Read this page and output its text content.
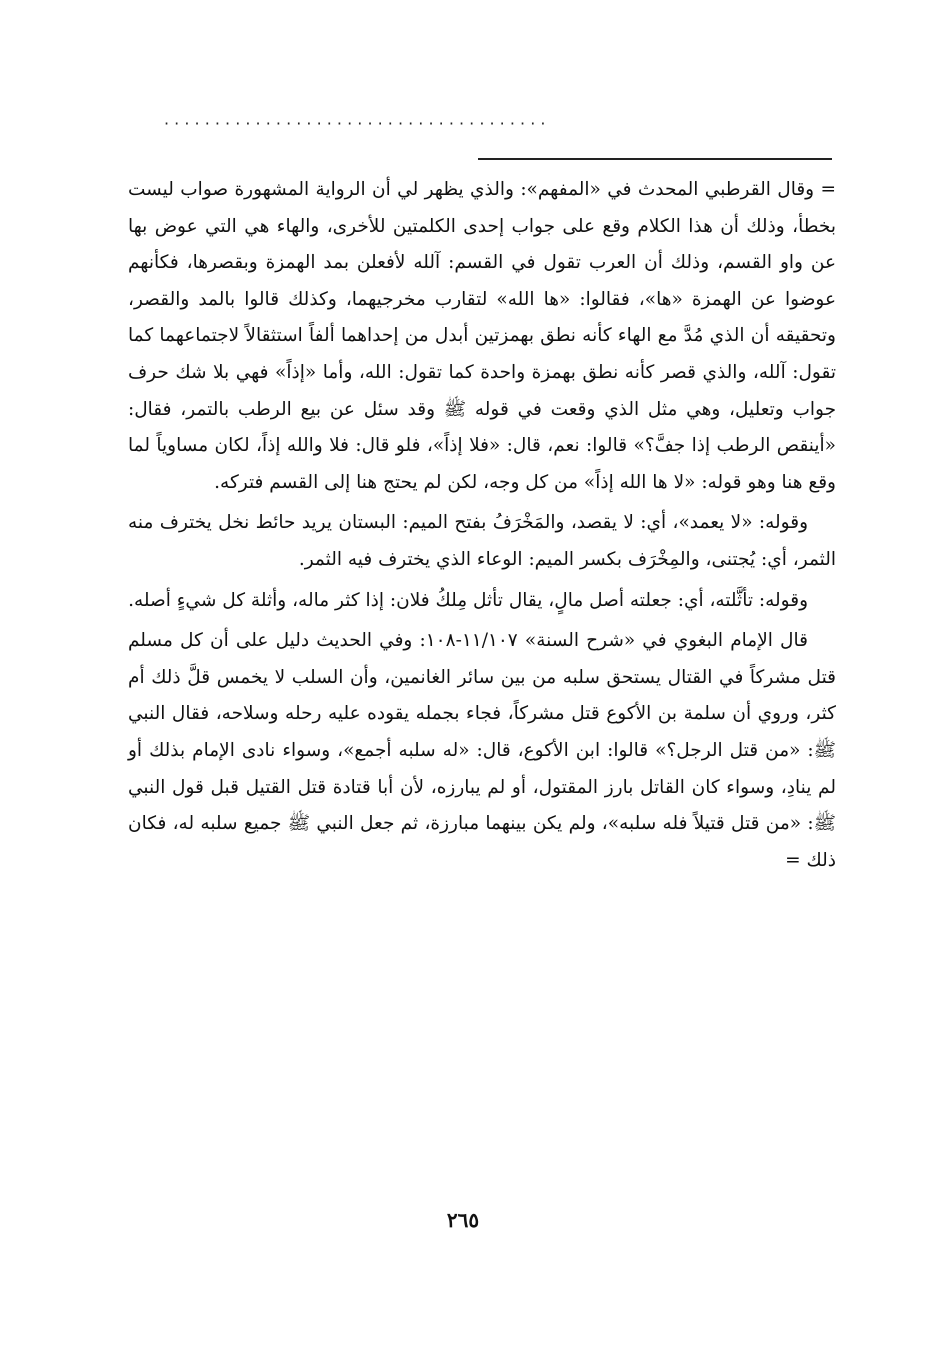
· · · · · · · · · · · · · · · · · · · · · · · · · · · · · · · · · · · · · ·

= وقال القرطبي المحدث في «المفهم»: والذي يظهر لي أن الرواية المشهورة صواب ليست بخطأ، وذلك أن هذا الكلام وقع على جواب إحدى الكلمتين للأخرى، والهاء هي التي عوض بها عن واو القسم، وذلك أن العرب تقول في القسم: آلله لأفعلن بمد الهمزة وبقصرها، فكأنهم عوضوا عن الهمزة «ها»، فقالوا: «ها الله» لتقارب مخرجيهما، وكذلك قالوا بالمد والقصر، وتحقيقه أن الذي مُدَّ مع الهاء كأنه نطق بهمزتين أبدل من إحداهما ألفاً استثقالاً لاجتماعهما كما تقول: آلله، والذي قصر كأنه نطق بهمزة واحدة كما تقول: الله، وأما «إذاً» فهي بلا شك حرف جواب وتعليل، وهي مثل الذي وقعت في قوله ﷺ وقد سئل عن بيع الرطب بالتمر، فقال: «أينقص الرطب إذا جفَّ؟» قالوا: نعم، قال: «فلا إذاً»، فلو قال: فلا والله إذاً، لكان مساوياً لما وقع هنا وهو قوله: «لا ها الله إذاً» من كل وجه، لكن لم يحتج هنا إلى القسم فتركه.

وقوله: «لا يعمد»، أي: لا يقصد، والمَخْرَفُ بفتح الميم: البستان يريد حائط نخل يخترف منه الثمر، أي: يُجتنى، والمِخْرَف بكسر الميم: الوعاء الذي يخترف فيه الثمر.

وقوله: تأثَّلته، أي: جعلته أصل مالٍ، يقال تأثل مِلكُ فلان: إذا كثر ماله، وأثلة كل شيءٍ أصله.

قال الإمام البغوي في «شرح السنة» ١١/١٠٧-١٠٨: وفي الحديث دليل على أن كل مسلم قتل مشركاً في القتال يستحق سلبه من بين سائر الغانمين، وأن السلب لا يخمس قلَّ ذلك أم كثر، وروي أن سلمة بن الأكوع قتل مشركاً، فجاء بجمله يقوده عليه رحله وسلاحه، فقال النبي ﷺ: «من قتل الرجل؟» قالوا: ابن الأكوع، قال: «له سلبه أجمع»، وسواء نادى الإمام بذلك أو لم ينادِ، وسواء كان القاتل بارز المقتول، أو لم يبارزه، لأن أبا قتادة قتل القتيل قبل قول النبي ﷺ: «من قتل قتيلاً فله سلبه»، ولم يكن بينهما مبارزة، ثم جعل النبي ﷺ جميع سلبه له، فكان ذلك =

٢٦٥
